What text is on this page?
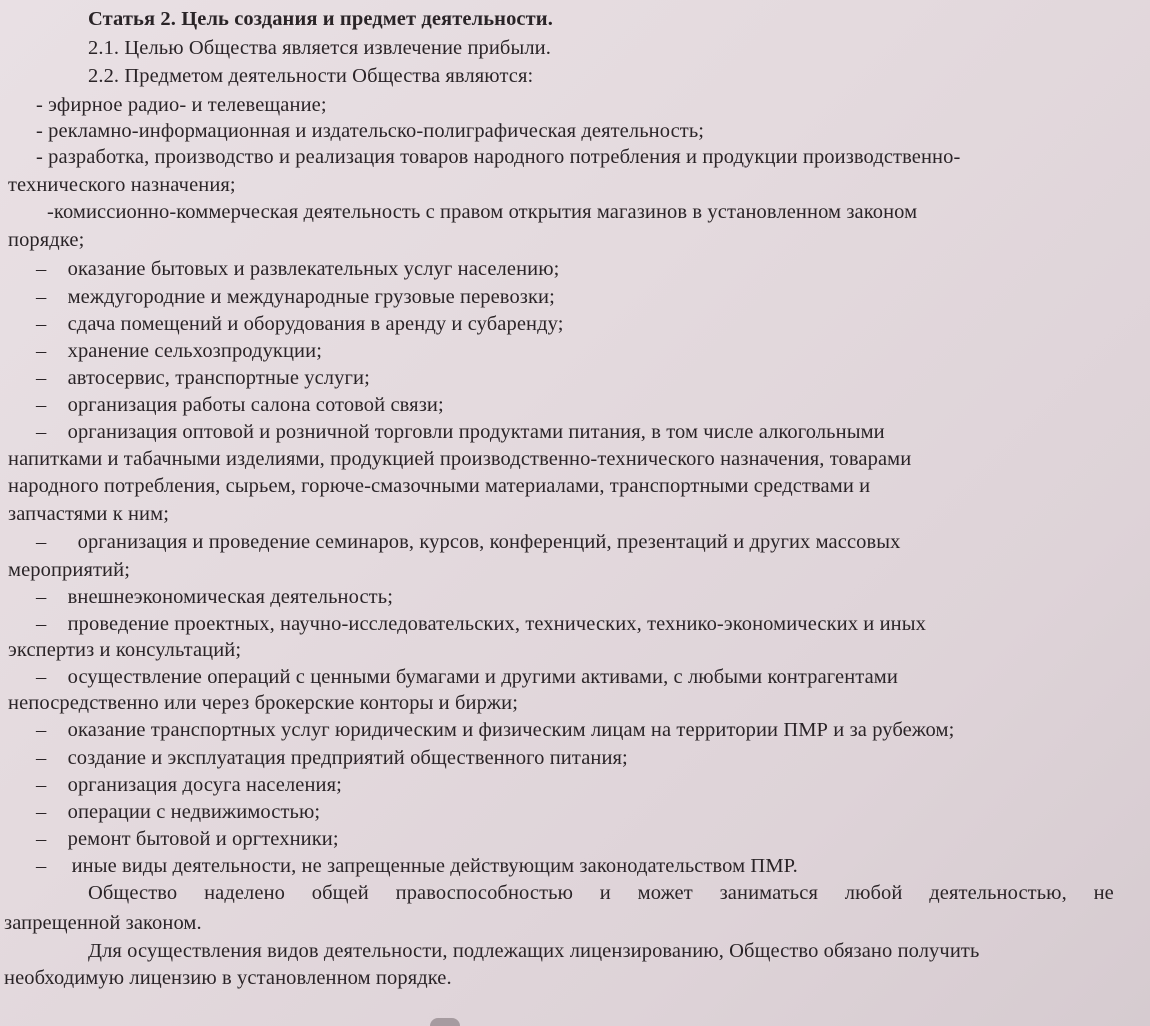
Статья 2. Цель создания и предмет деятельности.
2.1. Целью Общества является извлечение прибыли.
2.2. Предметом деятельности Общества являются:
- эфирное радио- и телевещание;
- рекламно-информационная и издательско-полиграфическая деятельность;
- разработка, производство и реализация товаров народного потребления и продукции производственно-
технического назначения;
-комиссионно-коммерческая деятельность с правом открытия магазинов в установленном законом
порядке;
– оказание бытовых и развлекательных услуг населению;
– междугородние и международные грузовые перевозки;
– сдача помещений и оборудования в аренду и субаренду;
– хранение сельхозпродукции;
– автосервис, транспортные услуги;
– организация работы салона сотовой связи;
– организация оптовой и розничной торговли продуктами питания, в том числе алкогольными
напитками и табачными изделиями, продукцией производственно-технического назначения, товарами
народного потребления, сырьем, горюче-смазочными материалами, транспортными средствами и
запчастями к ним;
– организация и проведение семинаров, курсов, конференций, презентаций и других массовых
мероприятий;
– внешнеэкономическая деятельность;
– проведение проектных, научно-исследовательских, технических, технико-экономических и иных
экспертиз и консультаций;
– осуществление операций с ценными бумагами и другими активами, с любыми контрагентами
непосредственно или через брокерские конторы и биржи;
– оказание транспортных услуг юридическим и физическим лицам на территории ПМР и за рубежом;
– создание и эксплуатация предприятий общественного питания;
– организация досуга населения;
– операции с недвижимостью;
– ремонт бытовой и оргтехники;
– иные виды деятельности, не запрещенные действующим законодательством ПМР.
Общество наделено общей правоспособностью и может заниматься любой деятельностью, не
запрещенной законом.
Для осуществления видов деятельности, подлежащих лицензированию, Общество обязано получить
необходимую лицензию в установленном порядке.
